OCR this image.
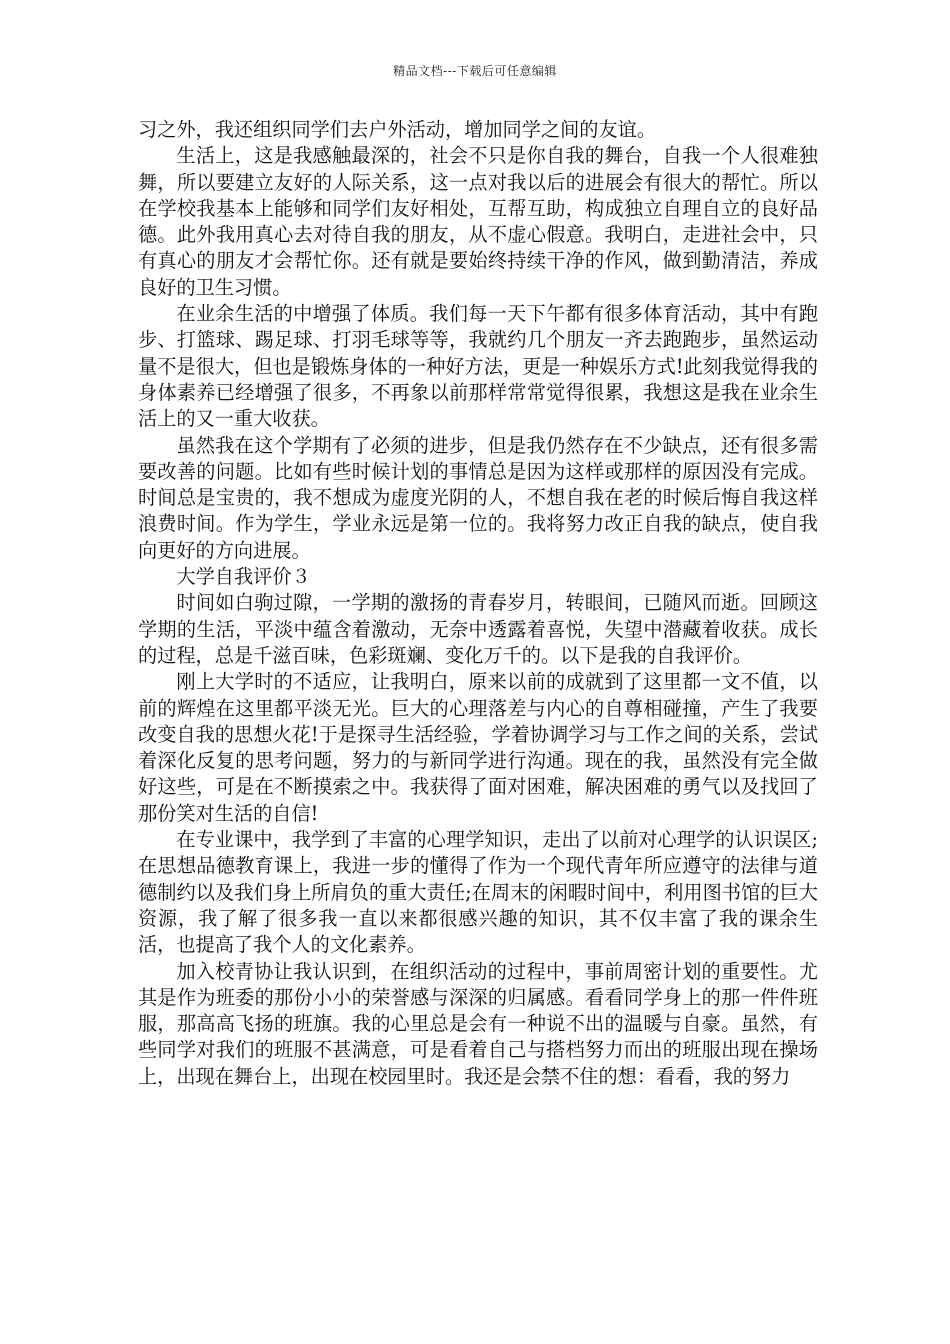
精品文档---下载后可任意编辑

习之外，我还组织同学们去户外活动，增加同学之间的友谊。

生活上，这是我感触最深的，社会不只是你自我的舞台，自我一个人很难独舞，所以要建立友好的人际关系，这一点对我以后的进展会有很大的帮忙。所以在学校我基本上能够和同学们友好相处，互帮互助，构成独立自理自立的良好品德。此外我用真心去对待自我的朋友，从不虚心假意。我明白，走进社会中，只有真心的朋友才会帮忙你。还有就是要始终持续干净的作风，做到勤清洁，养成良好的卫生习惯。

在业余生活的中增强了体质。我们每一天下午都有很多体育活动，其中有跑步、打篮球、踢足球、打羽毛球等等，我就约几个朋友一齐去跑跑步，虽然运动量不是很大，但也是锻炼身体的一种好方法，更是一种娱乐方式!此刻我觉得我的身体素养已经增强了很多，不再象以前那样常常觉得很累，我想这是我在业余生活上的又一重大收获。

虽然我在这个学期有了必须的进步，但是我仍然存在不少缺点，还有很多需要改善的问题。比如有些时候计划的事情总是因为这样或那样的原因没有完成。时间总是宝贵的，我不想成为虚度光阴的人，不想自我在老的时候后悔自我这样浪费时间。作为学生，学业永远是第一位的。我将努力改正自我的缺点，使自我向更好的方向进展。

大学自我评价３

时间如白驹过隙，一学期的激扬的青春岁月，转眼间，已随风而逝。回顾这学期的生活，平淡中蕴含着激动，无奈中透露着喜悦，失望中潜藏着收获。成长的过程，总是千滋百味，色彩斑斓、变化万千的。以下是我的自我评价。

刚上大学时的不适应，让我明白，原来以前的成就到了这里都一文不值，以前的辉煌在这里都平淡无光。巨大的心理落差与内心的自尊相碰撞，产生了我要改变自我的思想火花!于是探寻生活经验，学着协调学习与工作之间的关系，尝试着深化反复的思考问题，努力的与新同学进行沟通。现在的我，虽然没有完全做好这些，可是在不断摸索之中。我获得了面对困难，解决困难的勇气以及找回了那份笑对生活的自信!

在专业课中，我学到了丰富的心理学知识，走出了以前对心理学的认识误区;在思想品德教育课上，我进一步的懂得了作为一个现代青年所应遵守的法律与道德制约以及我们身上所肩负的重大责任;在周末的闲暇时间中，利用图书馆的巨大资源，我了解了很多我一直以来都很感兴趣的知识，其不仅丰富了我的课余生活，也提高了我个人的文化素养。

加入校青协让我认识到，在组织活动的过程中，事前周密计划的重要性。尤其是作为班委的那份小小的荣誉感与深深的归属感。看看同学身上的那一件件班服，那高高飞扬的班旗。我的心里总是会有一种说不出的温暖与自豪。虽然，有些同学对我们的班服不甚满意，可是看着自己与搭档努力而出的班服出现在操场上，出现在舞台上，出现在校园里时。我还是会禁不住的想：看看，我的努力
